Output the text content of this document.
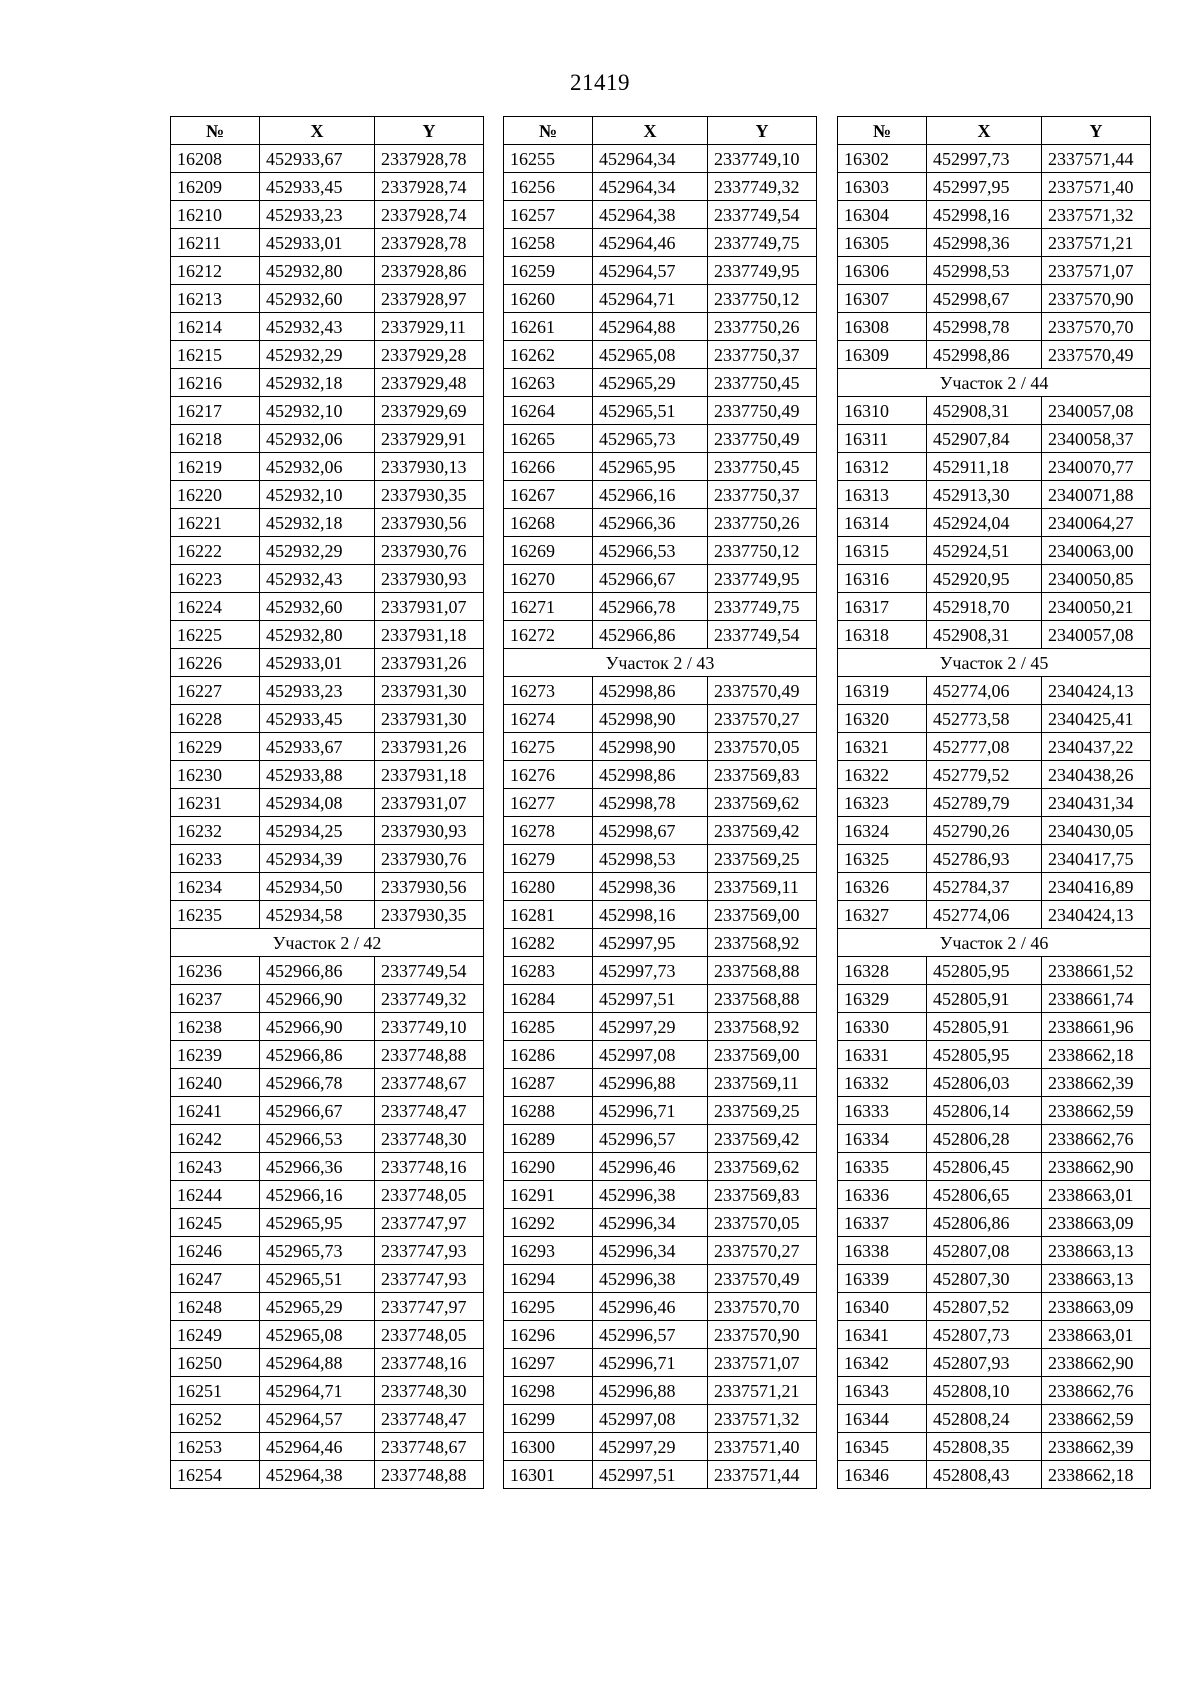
21419
№	X	Y
16208	452933,67	2337928,78
16209	452933,45	2337928,74
16210	452933,23	2337928,74
16211	452933,01	2337928,78
16212	452932,80	2337928,86
16213	452932,60	2337928,97
16214	452932,43	2337929,11
16215	452932,29	2337929,28
16216	452932,18	2337929,48
16217	452932,10	2337929,69
16218	452932,06	2337929,91
16219	452932,06	2337930,13
16220	452932,10	2337930,35
16221	452932,18	2337930,56
16222	452932,29	2337930,76
16223	452932,43	2337930,93
16224	452932,60	2337931,07
16225	452932,80	2337931,18
16226	452933,01	2337931,26
16227	452933,23	2337931,30
16228	452933,45	2337931,30
16229	452933,67	2337931,26
16230	452933,88	2337931,18
16231	452934,08	2337931,07
16232	452934,25	2337930,93
16233	452934,39	2337930,76
16234	452934,50	2337930,56
16235	452934,58	2337930,35
Участок 2 / 42		
16236	452966,86	2337749,54
16237	452966,90	2337749,32
16238	452966,90	2337749,10
16239	452966,86	2337748,88
16240	452966,78	2337748,67
16241	452966,67	2337748,47
16242	452966,53	2337748,30
16243	452966,36	2337748,16
16244	452966,16	2337748,05
16245	452965,95	2337747,97
16246	452965,73	2337747,93
16247	452965,51	2337747,93
16248	452965,29	2337747,97
16249	452965,08	2337748,05
16250	452964,88	2337748,16
16251	452964,71	2337748,30
16252	452964,57	2337748,47
16253	452964,46	2337748,67
16254	452964,38	2337748,88
№	X	Y
16255	452964,34	2337749,10
16256	452964,34	2337749,32
16257	452964,38	2337749,54
16258	452964,46	2337749,75
16259	452964,57	2337749,95
16260	452964,71	2337750,12
16261	452964,88	2337750,26
16262	452965,08	2337750,37
16263	452965,29	2337750,45
16264	452965,51	2337750,49
16265	452965,73	2337750,49
16266	452965,95	2337750,45
16267	452966,16	2337750,37
16268	452966,36	2337750,26
16269	452966,53	2337750,12
16270	452966,67	2337749,95
16271	452966,78	2337749,75
16272	452966,86	2337749,54
Участок 2 / 43		
16273	452998,86	2337570,49
16274	452998,90	2337570,27
16275	452998,90	2337570,05
16276	452998,86	2337569,83
16277	452998,78	2337569,62
16278	452998,67	2337569,42
16279	452998,53	2337569,25
16280	452998,36	2337569,11
16281	452998,16	2337569,00
16282	452997,95	2337568,92
16283	452997,73	2337568,88
16284	452997,51	2337568,88
16285	452997,29	2337568,92
16286	452997,08	2337569,00
16287	452996,88	2337569,11
16288	452996,71	2337569,25
16289	452996,57	2337569,42
16290	452996,46	2337569,62
16291	452996,38	2337569,83
16292	452996,34	2337570,05
16293	452996,34	2337570,27
16294	452996,38	2337570,49
16295	452996,46	2337570,70
16296	452996,57	2337570,90
16297	452996,71	2337571,07
16298	452996,88	2337571,21
16299	452997,08	2337571,32
16300	452997,29	2337571,40
16301	452997,51	2337571,44
№	X	Y
16302	452997,73	2337571,44
16303	452997,95	2337571,40
16304	452998,16	2337571,32
16305	452998,36	2337571,21
16306	452998,53	2337571,07
16307	452998,67	2337570,90
16308	452998,78	2337570,70
16309	452998,86	2337570,49
Участок 2 / 44		
16310	452908,31	2340057,08
16311	452907,84	2340058,37
16312	452911,18	2340070,77
16313	452913,30	2340071,88
16314	452924,04	2340064,27
16315	452924,51	2340063,00
16316	452920,95	2340050,85
16317	452918,70	2340050,21
16318	452908,31	2340057,08
Участок 2 / 45		
16319	452774,06	2340424,13
16320	452773,58	2340425,41
16321	452777,08	2340437,22
16322	452779,52	2340438,26
16323	452789,79	2340431,34
16324	452790,26	2340430,05
16325	452786,93	2340417,75
16326	452784,37	2340416,89
16327	452774,06	2340424,13
Участок 2 / 46		
16328	452805,95	2338661,52
16329	452805,91	2338661,74
16330	452805,91	2338661,96
16331	452805,95	2338662,18
16332	452806,03	2338662,39
16333	452806,14	2338662,59
16334	452806,28	2338662,76
16335	452806,45	2338662,90
16336	452806,65	2338663,01
16337	452806,86	2338663,09
16338	452807,08	2338663,13
16339	452807,30	2338663,13
16340	452807,52	2338663,09
16341	452807,73	2338663,01
16342	452807,93	2338662,90
16343	452808,10	2338662,76
16344	452808,24	2338662,59
16345	452808,35	2338662,39
16346	452808,43	2338662,18
